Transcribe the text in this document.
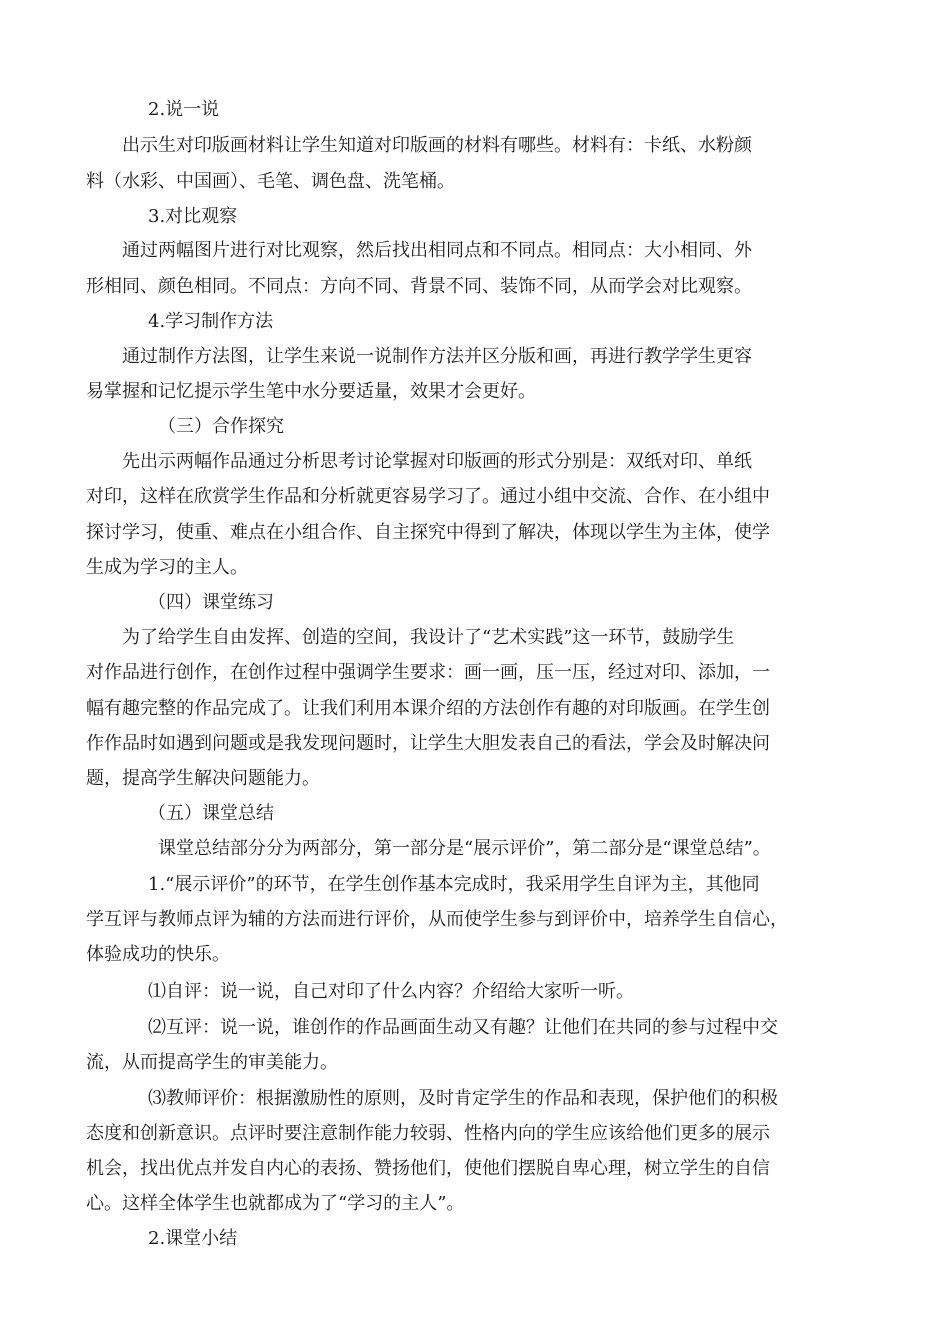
2.说一说
出示生对印版画材料让学生知道对印版画的材料有哪些。材料有：卡纸、水粉颜
料（水彩、中国画）、毛笔、调色盘、洗笔桶。
3.对比观察
通过两幅图片进行对比观察，然后找出相同点和不同点。相同点：大小相同、外
形相同、颜色相同。不同点：方向不同、背景不同、装饰不同，从而学会对比观察。
4.学习制作方法
通过制作方法图，让学生来说一说制作方法并区分版和画，再进行教学学生更容
易掌握和记忆提示学生笔中水分要适量，效果才会更好。
（三）合作探究
先出示两幅作品通过分析思考讨论掌握对印版画的形式分别是：双纸对印、单纸
对印，这样在欣赏学生作品和分析就更容易学习了。通过小组中交流、合作、在小组中
探讨学习，使重、难点在小组合作、自主探究中得到了解决，体现以学生为主体，使学
生成为学习的主人。
（四）课堂练习
为了给学生自由发挥、创造的空间，我设计了“艺术实践”这一环节，鼓励学生
对作品进行创作，在创作过程中强调学生要求：画一画，压一压，经过对印、添加，一
幅有趣完整的作品完成了。让我们利用本课介绍的方法创作有趣的对印版画。在学生创
作作品时如遇到问题或是我发现问题时，让学生大胆发表自己的看法，学会及时解决问
题，提高学生解决问题能力。
（五）课堂总结
课堂总结部分分为两部分，第一部分是“展示评价”，第二部分是“课堂总结”。
1.“展示评价”的环节，在学生创作基本完成时，我采用学生自评为主，其他同
学互评与教师点评为辅的方法而进行评价，从而使学生参与到评价中，培养学生自信心，
体验成功的快乐。
⑴自评：说一说，自己对印了什么内容？介绍给大家听一听。
⑵互评：说一说，谁创作的作品画面生动又有趣？让他们在共同的参与过程中交
流，从而提高学生的审美能力。
⑶教师评价：根据激励性的原则，及时肯定学生的作品和表现，保护他们的积极
态度和创新意识。点评时要注意制作能力较弱、性格内向的学生应该给他们更多的展示
机会，找出优点并发自内心的表扬、赞扬他们，使他们摆脱自卑心理，树立学生的自信
心。这样全体学生也就都成为了“学习的主人”。
2.课堂小结
